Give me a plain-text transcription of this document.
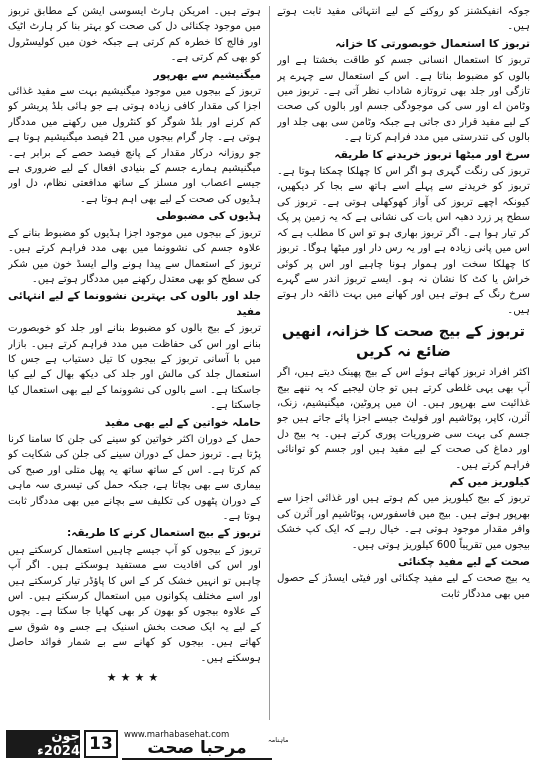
جوکہ انفیکشنز کو روکنے کے لیے انتہائی مفید ثابت ہوتے ہیں۔

تربوز کا استعمال خوبصورتی کا خزانہ

تربوز کا استعمال انسانی جسم کو طاقت بخشتا ہے اور بالوں کو مضبوط بناتا ہے۔ اس کے استعمال سے چہرے پر تازگی اور جلد بھی تروتازہ شاداب نظر آتی ہے۔ تربوز میں وٹامن اے اور سی کی موجودگی جسم اور بالوں کی صحت کے لیے مفید قرار دی جاتی ہے جبکہ وٹامن سی بھی جلد اور بالوں کی تندرستی میں مدد فراہم کرتا ہے۔

سرخ اور میٹھا تربوز خریدنے کا طریقہ

تربوز کی رنگت گہری ہو اگر اس کا چھلکا چمکتا ہوتا ہے۔ تربوز کو خریدنے سے پہلے اسے ہاتھ سے بجا کر دیکھیں، کیونکہ اچھے تربوز کی آواز کھوکھلی ہوتی ہے۔ تربوز کی سطح پر زرد دھبہ اس بات کی نشانی ہے کہ یہ زمین پر پک کر تیار ہوا ہے۔ اگر تربوز بھاری ہو تو اس کا مطلب ہے کہ اس میں پانی زیادہ ہے اور یہ رس دار اور میٹھا ہوگا۔ تربوز کا چھلکا سخت اور ہموار ہونا چاہیے اور اس پر کوئی خراش یا کٹ کا نشان نہ ہو۔ ایسے تربوز اندر سے گہرے سرخ رنگ کے ہوتے ہیں اور کھانے میں بہت ذائقہ دار ہوتے ہیں۔

تربوز کے بیج صحت کا خزانہ، انھیں ضائع نہ کریں

اکثر افراد تربوز کھاتے ہوئے اس کے بیج پھینک دیتے ہیں، اگر آپ بھی یہی غلطی کرتے ہیں تو جان لیجیے کہ یہ ننھے بیج غذائیت سے بھرپور ہیں۔ ان میں پروٹین، میگنیشیم، زنک، آئرن، کاپر، پوٹاشیم اور فولیٹ جیسے اجزا پائے جاتے ہیں جو جسم کی بہت سی ضروریات پوری کرتے ہیں۔ یہ بیج دل اور دماغ کی صحت کے لیے مفید ہیں اور جسم کو توانائی فراہم کرتے ہیں۔

کیلوریز میں کم

تربوز کے بیج کیلوریز میں کم ہوتے ہیں اور غذائی اجزا سے بھرپور ہوتے ہیں۔ بیج میں فاسفورس، پوٹاشیم اور آئرن کی وافر مقدار موجود ہوتی ہے۔ خیال رہے کہ ایک کپ خشک بیجوں میں تقریباً 600 کیلوریز ہوتی ہیں۔

صحت کے لیے مفید چکنائی

یہ بیج صحت کے لیے مفید چکنائی اور فیٹی ایسڈز کے حصول میں بھی مددگار ثابت

ہوتے ہیں۔ امریکن ہارٹ ایسوسی ایشن کے مطابق تربوز میں موجود چکنائی دل کی صحت کو بہتر بنا کر ہارٹ اٹیک اور فالج کا خطرہ کم کرتی ہے جبکہ خون میں کولیسٹرول کو بھی کم کرتی ہے۔

میگنیشیم سے بھرپور

تربوز کے بیجوں میں موجود میگنیشیم بہت سے مفید غذائی اجزا کی مقدار کافی زیادہ ہوتی ہے جو ہائی بلڈ پریشر کو کم کرنے اور بلڈ شوگر کو کنٹرول میں رکھنے میں مددگار ہوتی ہے۔ چار گرام بیجوں میں 21 فیصد میگنیشیم ہوتا ہے جو روزانہ درکار مقدار کے پانچ فیصد حصے کے برابر ہے۔ میگنیشیم ہمارے جسم کے بنیادی افعال کے لیے ضروری ہے جیسے اعصاب اور مسلز کے ساتھ مدافعتی نظام، دل اور ہڈیوں کی صحت کے لیے بھی اہم ہوتا ہے۔

ہڈیوں کی مضبوطی

تربوز کے بیجوں میں موجود اجزا ہڈیوں کو مضبوط بنانے کے علاوہ جسم کی نشوونما میں بھی مدد فراہم کرتے ہیں۔ تربوز کے استعمال سے پیدا ہونے والے ایسڈ خون میں شکر کی سطح کو بھی معتدل رکھنے میں مددگار ہوتے ہیں۔

جلد اور بالوں کی بہترین نشوونما کے لیے انتہائی مفید

تربوز کے بیج بالوں کو مضبوط بنانے اور جلد کو خوبصورت بنانے اور اس کی حفاظت میں مدد فراہم کرتے ہیں۔ بازار میں با آسانی تربوز کے بیجوں کا تیل دستیاب ہے جس کا استعمال جلد کی مالش اور جلد کی دیکھ بھال کے لیے کیا جاسکتا ہے۔ اسے بالوں کی نشوونما کے لیے بھی استعمال کیا جاسکتا ہے۔

حاملہ خواتین کے لیے بھی مفید

حمل کے دوران اکثر خواتین کو سینے کی جلن کا سامنا کرنا پڑتا ہے۔ تربوز حمل کے دوران سینے کی جلن کی شکایت کو کم کرتا ہے۔ اس کے ساتھ ساتھ یہ پھل متلی اور صبح کی بیماری سے بھی بچاتا ہے، جبکہ حمل کی تیسری سہ ماہی کے دوران پٹھوں کی تکلیف سے بچانے میں بھی مددگار ثابت ہوتا ہے۔

تربوز کے بیج استعمال کرنے کا طریقہ:

تربوز کے بیجوں کو آپ جیسے چاہیں استعمال کرسکتے ہیں اور اس کی افادیت سے مستفید ہوسکتے ہیں۔ اگر آپ چاہیں تو انہیں خشک کر کے اس کا پاؤڈر تیار کرسکتے ہیں اور اسے مختلف پکوانوں میں استعمال کرسکتے ہیں۔ اس کے علاوہ بیجوں کو بھون کر بھی کھایا جا سکتا ہے۔ بچوں کے لیے یہ ایک صحت بخش اسنیک ہے جسے وہ شوق سے کھاتے ہیں۔ بیجوں کو کھانے سے بے شمار فوائد حاصل ہوسکتے ہیں۔

★★★★
جون 2024ء 13	www.marhabasehat.com	ماہنامہ
مرحبا صحت
